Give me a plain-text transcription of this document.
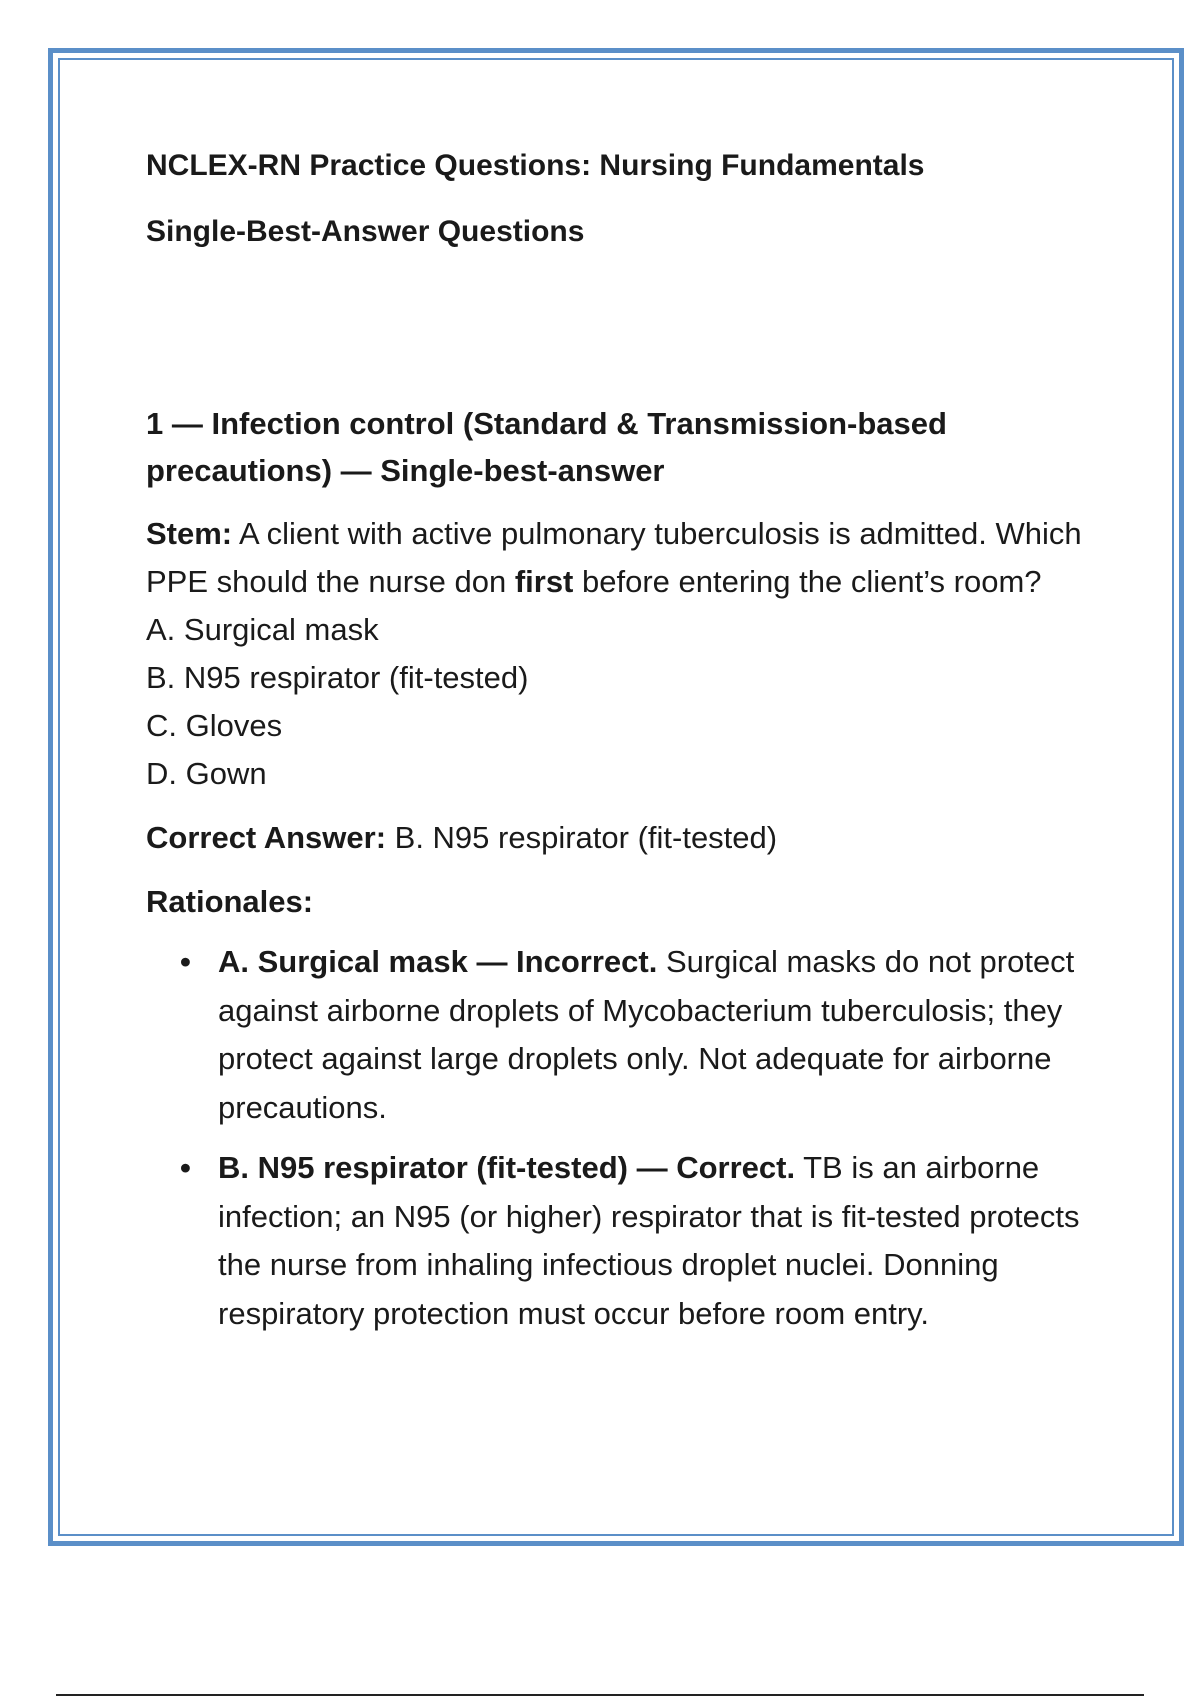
NCLEX-RN Practice Questions: Nursing Fundamentals
Single-Best-Answer Questions
1 — Infection control (Standard & Transmission-based precautions) — Single-best-answer

Stem: A client with active pulmonary tuberculosis is admitted. Which PPE should the nurse don first before entering the client’s room?

A. Surgical mask
B. N95 respirator (fit-tested)
C. Gloves
D. Gown

Correct Answer: B. N95 respirator (fit-tested)

Rationales:
• A. Surgical mask — Incorrect. Surgical masks do not protect against airborne droplets of Mycobacterium tuberculosis; they protect against large droplets only. Not adequate for airborne precautions.
• B. N95 respirator (fit-tested) — Correct. TB is an airborne infection; an N95 (or higher) respirator that is fit-tested protects the nurse from inhaling infectious droplet nuclei. Donning respiratory protection must occur before room entry.
